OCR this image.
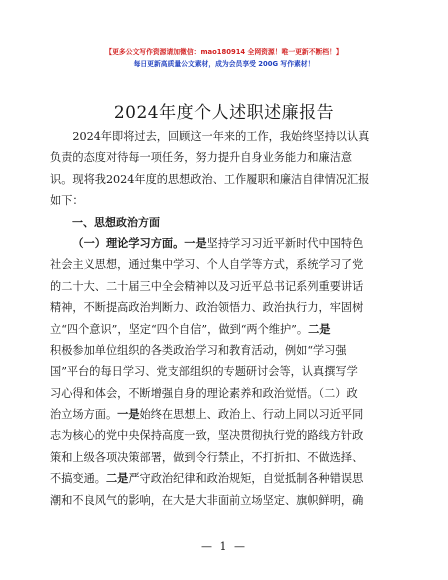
【更多公文写作资源请加微信：mao180914 全网资源！唯一更新不断档！】
每日更新高质量公文素材，成为会员享受 200G 写作素材！
2024年度个人述职述廉报告
2024年即将过去，回顾这一年来的工作，我始终坚持以认真
负责的态度对待每一项任务，努力提升自身业务能力和廉洁意
识。现将我2024年度的思想政治、工作履职和廉洁自律情况汇报
如下：
一、思想政治方面
（一）理论学习方面。一是坚持学习习近平新时代中国特色
社会主义思想，通过集中学习、个人自学等方式，系统学习了党
的二十大、二十届三中全会精神以及习近平总书记系列重要讲话
精神，不断提高政治判断力、政治领悟力、政治执行力，牢固树
立“四个意识”，坚定“四个自信”，做到“两个维护”。二是
积极参加单位组织的各类政治学习和教育活动，例如“学习强
国”平台的每日学习、党支部组织的专题研讨会等，认真撰写学
习心得和体会，不断增强自身的理论素养和政治觉悟。（二）政
治立场方面。一是始终在思想上、政治上、行动上同以习近平同
志为核心的党中央保持高度一致，坚决贯彻执行党的路线方针政
策和上级各项决策部署，做到令行禁止，不打折扣、不做选择、
不搞变通。二是严守政治纪律和政治规矩，自觉抵制各种错误思
潮和不良风气的影响，在大是大非面前立场坚定、旗帜鲜明，确
— 1 —
